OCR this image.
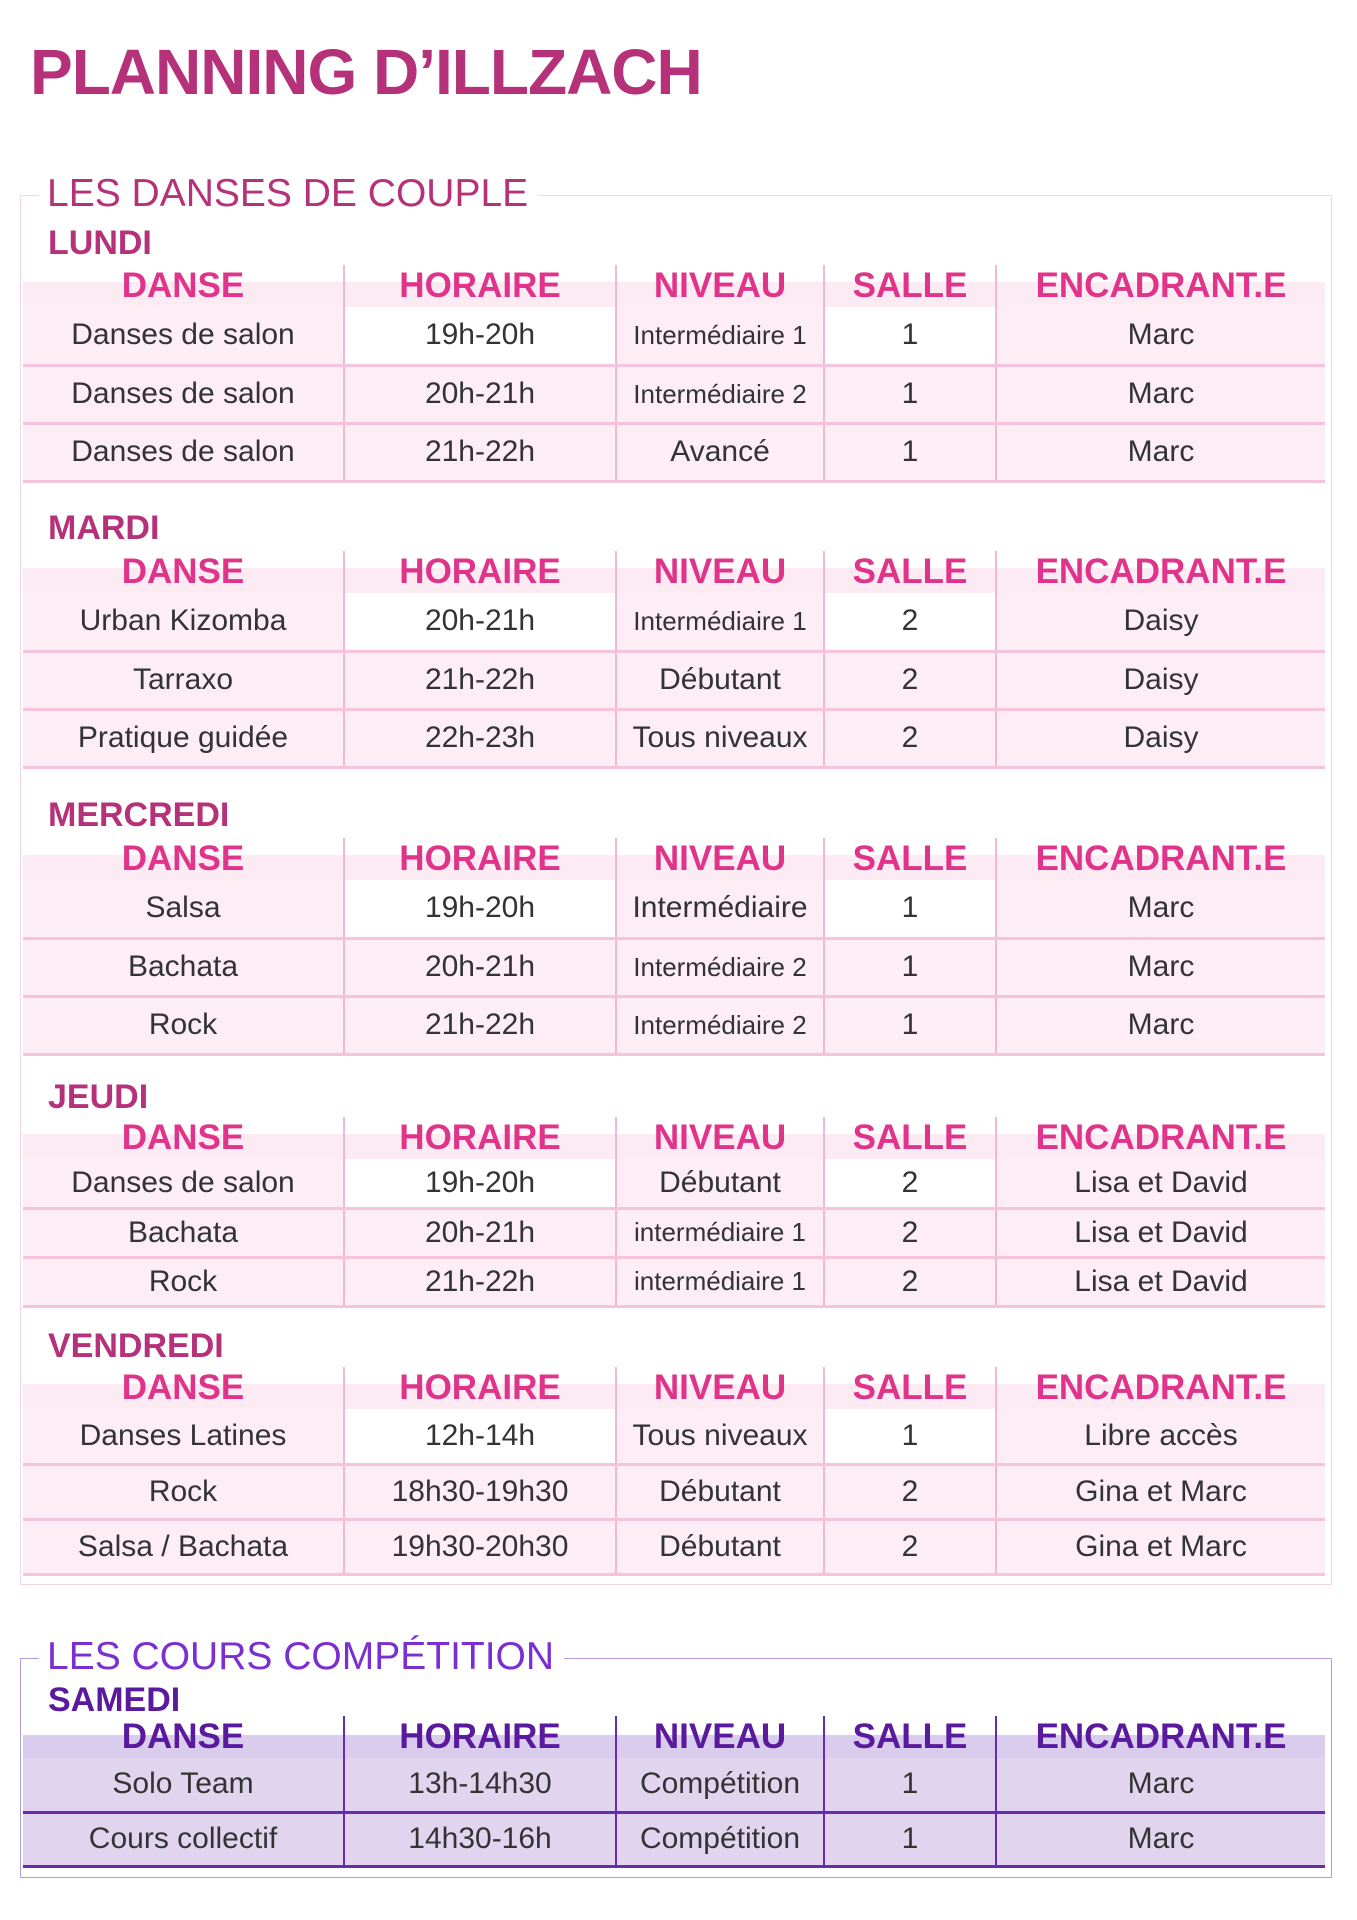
PLANNING D’ILLZACH
LES DANSES DE COUPLE
LES COURS COMPÉTITION
LUNDI
MARDI
MERCREDI
JEUDI
VENDREDI
SAMEDI
DANSE	HORAIRE	NIVEAU	SALLE	ENCADRANT.E
Danses de salon	19h-20h	Intermédiaire 1	1	Marc
Danses de salon	20h-21h	Intermédiaire 2	1	Marc
Danses de salon	21h-22h	Avancé	1	Marc
DANSE	HORAIRE	NIVEAU	SALLE	ENCADRANT.E
Urban Kizomba	20h-21h	Intermédiaire 1	2	Daisy
Tarraxo	21h-22h	Débutant	2	Daisy
Pratique guidée	22h-23h	Tous niveaux	2	Daisy
DANSE	HORAIRE	NIVEAU	SALLE	ENCADRANT.E
Salsa	19h-20h	Intermédiaire	1	Marc
Bachata	20h-21h	Intermédiaire 2	1	Marc
Rock	21h-22h	Intermédiaire 2	1	Marc
DANSE	HORAIRE	NIVEAU	SALLE	ENCADRANT.E
Danses de salon	19h-20h	Débutant	2	Lisa et David
Bachata	20h-21h	intermédiaire 1	2	Lisa et David
Rock	21h-22h	intermédiaire 1	2	Lisa et David
DANSE	HORAIRE	NIVEAU	SALLE	ENCADRANT.E
Danses Latines	12h-14h	Tous niveaux	1	Libre accès
Rock	18h30-19h30	Débutant	2	Gina et Marc
Salsa / Bachata	19h30-20h30	Débutant	2	Gina et Marc
DANSE	HORAIRE	NIVEAU	SALLE	ENCADRANT.E
Solo Team	13h-14h30	Compétition	1	Marc
Cours collectif	14h30-16h	Compétition	1	Marc
